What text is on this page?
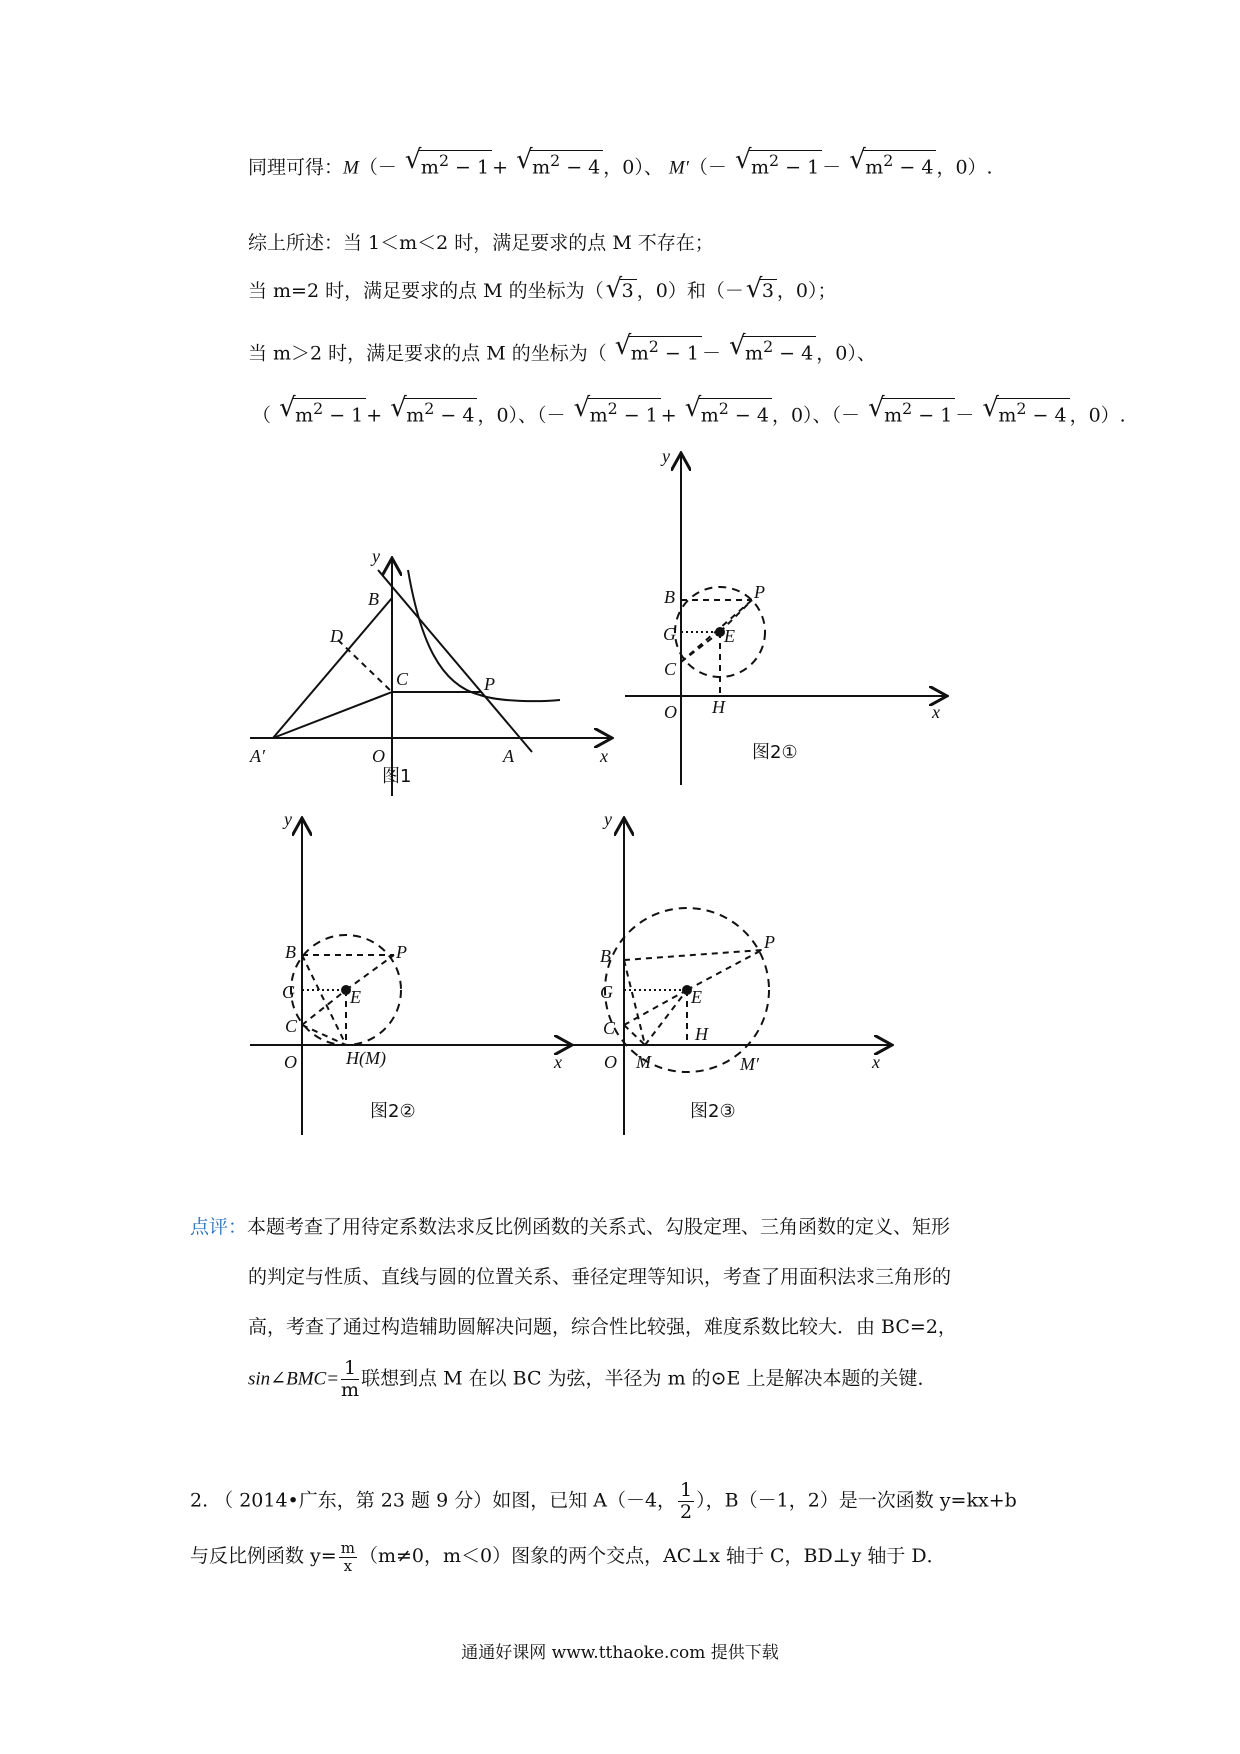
同理可得：M（－ √ $m^2 - 1$ + √ $m^2 - 4$ ，0）、 M′（－ √ $m^2 - 1$ － √ $m^2 - 4$ ，0）.
综上所述：当 1＜m＜2 时，满足要求的点 M 不存在；
当 m=2 时，满足要求的点 M 的坐标为（ √ 3 ，0）和（－ √ 3 ，0）；
当 m＞2 时，满足要求的点 M 的坐标为（ √ $m^2 - 1$ － √ $m^2 - 4$ ，0）、
（ √ $m^2 - 1$ + √ $m^2 - 4$ ，0）、（－ √ $m^2 - 1$ + √ $m^2 - 4$ ，0）、（－ √ $m^2 - 1$ － √ $m^2 - 4$ ，0）.
y
B
D
C	P
A′	O	A	x
图1
y
B	P
G	E
C
O H	x
图2①
y
B	P
G	E
C
O	H(M)	x
图2②
y
B
P
G	E
C	H
O M	M′	x
图2③
点评：本题考查了用待定系数法求反比例函数的关系式、勾股定理、三角函数的定义、矩形
的判定与性质、直线与圆的位置关系、垂径定理等知识，考查了用面积法求三角形的
高，考查了通过构造辅助圆解决问题，综合性比较强，难度系数比较大．由 BC=2，
sin∠BMC= $\frac{1}{m}$ 联想到点 M 在以 BC 为弦，半径为 m 的⊙E 上是解决本题的关键．
2. （ 2014•广东，第 23 题 9 分）如图，已知 A（－4， $\frac{1}{2}$ ），B（－1，2）是一次函数 y=kx+b
与反比例函数 $y= \frac{m}{x} (m\ne 0$，m＜0）图象的两个交点，AC⊥x 轴于 C，BD⊥y 轴于 D．
通通好课网 www.tthaoke.com 提供下载
